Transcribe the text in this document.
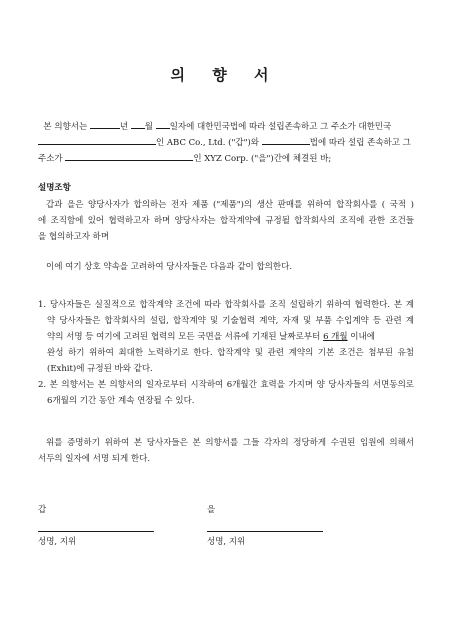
의 향 서
본 의향서는	년 월 일자에 대한민국법에 따라 설립존속하고 그 주소가 대한민국
인 ABC Co., Ltd. ("갑")와	법에 따라 설립 존속하고 그
주소가	인 XYZ Corp. ("을")간에 체결된 바;
설명조항
갑과 을은 양당사자가 합의하는 전자 제품 ("제품")의 생산 판매를 위하여 합작회사를 ( 국적 )
에 조직함에 있어 협력하고자 하며 양당사자는 합작계약에 규정될 합작회사의 조직에 관한 조건들
을 협의하고자 하며
이에 여기 상호 약속을 고려하여 당사자들은 다음과 같이 합의한다.
1. 당사자들은 실질적으로 합작계약 조건에 따라 합작회사를 조직 설립하기 위하여 협력한다. 본 계
약 당사자들은 합작회사의 설립, 합작계약 및 기술협력 계약, 자재 및 부품 수입계약 등 관련 계
약의 서명 등 여기에 고려된 협력의 모든 국면을 서류에 기재된 날짜로부터 6 개월 이내에
완성 하기 위하여 최대한 노력하기로 한다. 합작계약 및 관련 계약의 기본 조건은 첨부된 유첨
(Exhit)에 규정된 바와 같다.
2. 본 의향서는 본 의향서의 일자로부터 시작하여 6개월간 효력을 가지며 양 당사자들의 서면동의로
6개월의 기간 동안 계속 연장될 수 있다.
위를 증명하기 위하여 본 당사자들은 본 의향서를 그들 각자의 정당하게 수권된 임원에 의해서
서두의 일자에 서명 되게 한다.
갑	을
성명, 지위	성명, 지위
